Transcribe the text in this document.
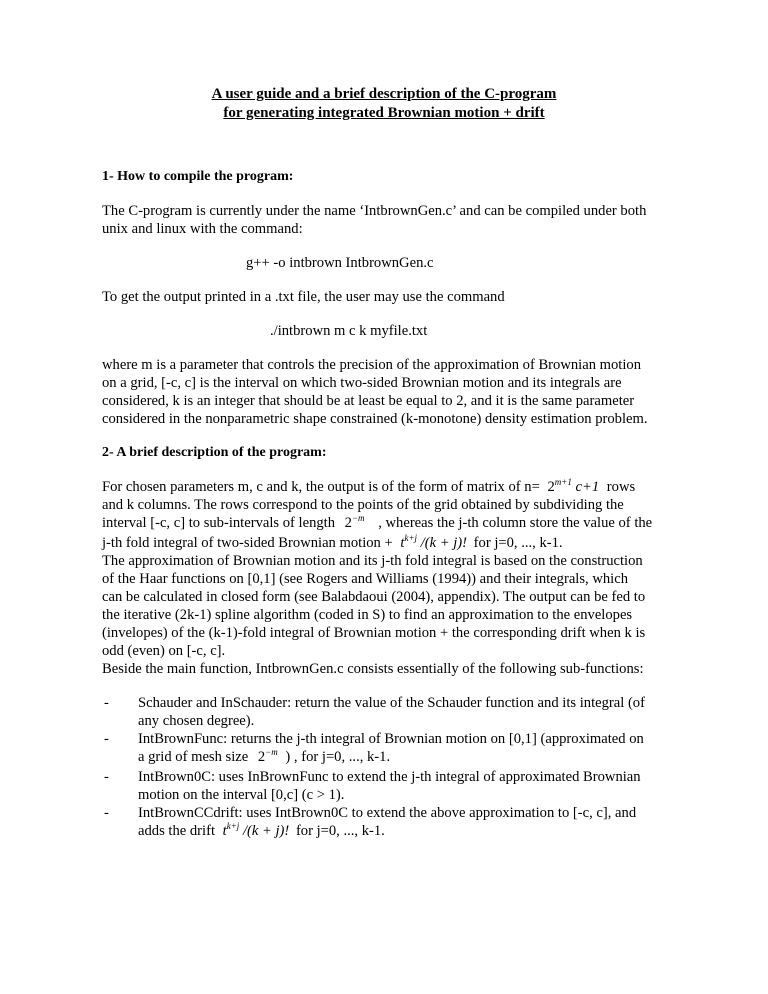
A user guide and a brief description of the C-program
for generating integrated Brownian motion + drift
1- How to compile the program:
The C-program is currently under the name ‘IntbrownGen.c’ and can be compiled under both
unix and linux with the command:
g++ -o intbrown IntbrownGen.c
To get the output printed in a .txt file, the user may use the command
./intbrown m c k myfile.txt
where m is a parameter that controls the precision of the approximation of Brownian motion
on a grid, [-c, c] is the interval on which two-sided Brownian motion and its integrals are
considered, k is an integer that should be at least be equal to 2, and it is the same parameter
considered in the nonparametric shape constrained (k-monotone) density estimation problem.
2- A brief description of the program:
For chosen parameters m, c and k, the output is of the form of matrix of $n= 2^{m+1}$ c+1 rows
and k columns. The rows correspond to the points of the grid obtained by subdividing the
interval [-c, c] to sub-intervals of length $2^{-m}$ , whereas the j-th column store the value of the
j-th fold integral of two-sided Brownian motion + $t^{k+j}$ /(k + j)! for j=0, ..., k-1.
The approximation of Brownian motion and its j-th fold integral is based on the construction
of the Haar functions on [0,1] (see Rogers and Williams (1994)) and their integrals, which
can be calculated in closed form (see Balabdaoui (2004), appendix). The output can be fed to
the iterative (2k-1) spline algorithm (coded in S) to find an approximation to the envelopes
(invelopes) of the (k-1)-fold integral of Brownian motion + the corresponding drift when k is
odd (even) on [-c, c].
Beside the main function, IntbrownGen.c consists essentially of the following sub-functions:
- Schauder and InSchauder: return the value of the Schauder function and its integral (of
any chosen degree).
- IntBrownFunc: returns the j-th integral of Brownian motion on [0,1] (approximated on
a grid of mesh size $2^{-m}$ ) , for j=0, ..., k-1.
- IntBrown0C: uses InBrownFunc to extend the j-th integral of approximated Brownian
motion on the interval [0,c] (c > 1).
- IntBrownCCdrift: uses IntBrown0C to extend the above approximation to [-c, c], and
adds the drift $t^{k+j}$ /(k + j)! for j=0, ..., k-1.
